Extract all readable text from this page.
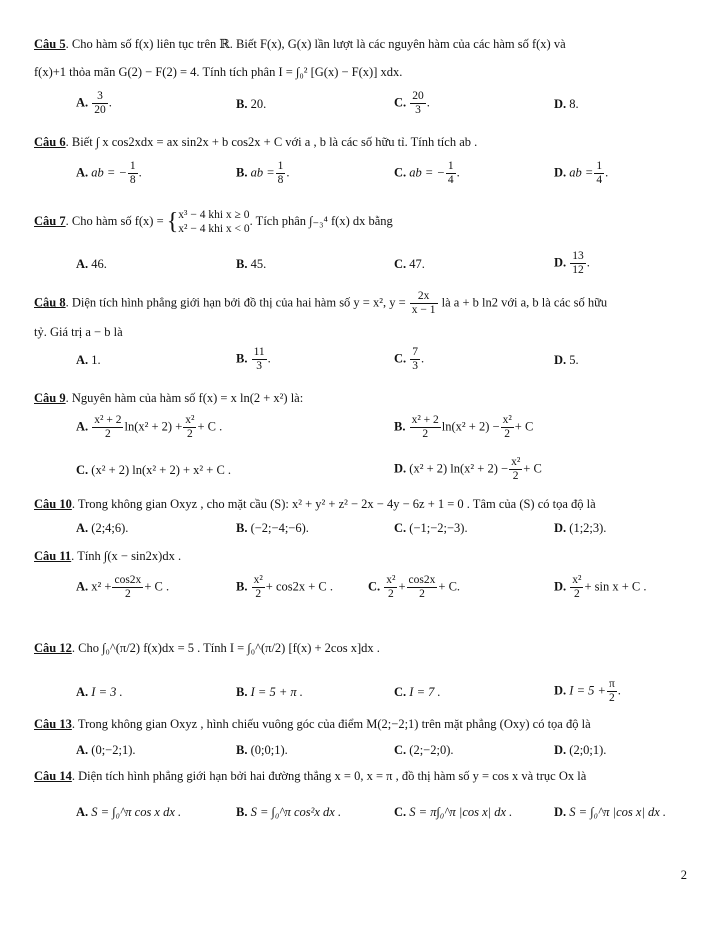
Câu 5. Cho hàm số f(x) liên tục trên ℝ. Biết F(x), G(x) lần lượt là các nguyên hàm của các hàm số f(x) và
f(x)+1 thỏa mãn G(2) − F(2) = 4. Tính tích phân I = ∫₀² [G(x) − F(x)] xdx.
A. $\frac{3}{20}$ .	B. 20.	C. $\frac{20}{3}$ .	D. 8.
Câu 6. Biết ∫ x cos2xdx = ax sin2x + b cos2x + C với a , b là các số hữu tỉ. Tính tích ab .
A. ab = − $\frac{1}{8}$ .	B. ab = $\frac{1}{8}$ .	C. ab = − $\frac{1}{4}$ .	D. ab = $\frac{1}{4}$ .
Câu 7. Cho hàm số f(x) = { x³ − 4 khi x ≥ 0
x² − 4 khi x < 0
. Tích phân ∫₋₃⁴ f(x) dx bằng
A. 46.	B. 45.	C. 47.	D. $\frac{13}{12}$ .
Câu 8. Diện tích hình phẳng giới hạn bởi đồ thị của hai hàm số y = x², $y = \frac{2x}{x - 1}$ là a + b ln2 với a, b là các số hữu
tỷ. Giá trị a − b là
A. 1.	B. $\frac{11}{3}$ .	C. $\frac{7}{3}$ .	D. 5.
Câu 9. Nguyên hàm của hàm số f(x) = x ln(2 + x²) là:
A. $\frac{\text{x² + 2}}{2} \ln(x^2 + 2) + \frac{\text{x²}}{2} + C$ .	B. $\frac{\text{x² + 2}}{2} \ln(x^2 + 2) - \frac{\text{x²}}{2} + C$
C. (x² + 2) ln(x² + 2) + x² + C .	D. (x² + 2) $\ln(x^2 + 2) - \frac{\text{x²}}{2} + C$
Câu 10. Trong không gian Oxyz , cho mặt cầu (S): x² + y² + z² − 2x − 4y − 6z + 1 = 0 . Tâm của (S) có tọa độ là
A. (2;4;6).	B. (−2;−4;−6).	C. (−1;−2;−3).	D. (1;2;3).
Câu 11. Tính ∫(x − sin2x)dx .
A. $x^2 + \frac{\cos 2x}{2} + C$ .	B. $\frac{\text{x²}}{2} + \cos 2x + C$ .	C. $\frac{\text{x²}}{2} + \frac{\cos 2x}{2} + C$.	D. $\frac{\text{x²}}{2} + \sin x + C$ .
Câu 12. Cho ∫₀^(π/2) f(x)dx = 5 . Tính I = ∫₀^(π/2) [f(x) + 2cos x]dx .
A. I = 3 .	B. I = 5 + π .	C. I = 7 .	D. $I = 5 + \frac{\pi}{2}$ .
Câu 13. Trong không gian Oxyz , hình chiếu vuông góc của điểm M(2;−2;1) trên mặt phẳng (Oxy) có tọa độ là
A. (0;−2;1).	B. (0;0;1).	C. (2;−2;0).	D. (2;0;1).
Câu 14. Diện tích hình phẳng giới hạn bởi hai đường thẳng x = 0, x = π , đồ thị hàm số y = cos x và trục Ox là
A. S = ∫₀^π cos x dx .	B. S = ∫₀^π cos²x dx .	C. S = π∫₀^π |cos x| dx .	D. S = ∫₀^π |cos x| dx .
2
